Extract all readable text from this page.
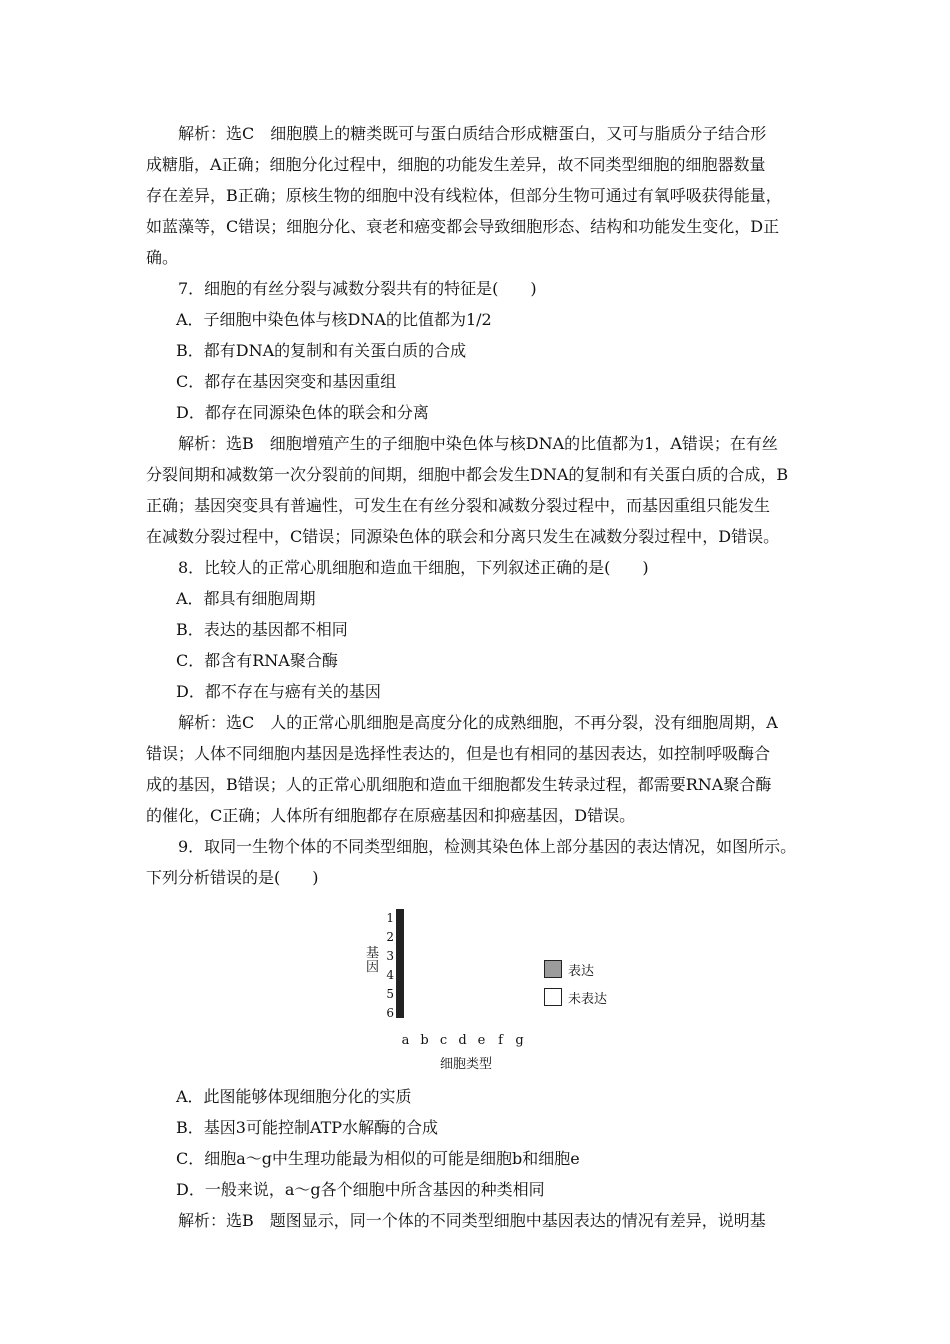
解析：选C　细胞膜上的糖类既可与蛋白质结合形成糖蛋白，又可与脂质分子结合形

成糖脂，A正确；细胞分化过程中，细胞的功能发生差异，故不同类型细胞的细胞器数量

存在差异，B正确；原核生物的细胞中没有线粒体，但部分生物可通过有氧呼吸获得能量，

如蓝藻等，C错误；细胞分化、衰老和癌变都会导致细胞形态、结构和功能发生变化，D正

确。

7．细胞的有丝分裂与减数分裂共有的特征是(　　)

A．子细胞中染色体与核DNA的比值都为1/2

B．都有DNA的复制和有关蛋白质的合成

C．都存在基因突变和基因重组

D．都存在同源染色体的联会和分离

解析：选B　细胞增殖产生的子细胞中染色体与核DNA的比值都为1，A错误；在有丝

分裂间期和减数第一次分裂前的间期，细胞中都会发生DNA的复制和有关蛋白质的合成，B

正确；基因突变具有普遍性，可发生在有丝分裂和减数分裂过程中，而基因重组只能发生

在减数分裂过程中，C错误；同源染色体的联会和分离只发生在减数分裂过程中，D错误。

8．比较人的正常心肌细胞和造血干细胞，下列叙述正确的是(　　)

A．都具有细胞周期

B．表达的基因都不相同

C．都含有RNA聚合酶

D．都不存在与癌有关的基因

解析：选C　人的正常心肌细胞是高度分化的成熟细胞，不再分裂，没有细胞周期，A

错误；人体不同细胞内基因是选择性表达的，但是也有相同的基因表达，如控制呼吸酶合

成的基因，B错误；人的正常心肌细胞和造血干细胞都发生转录过程，都需要RNA聚合酶

的催化，C正确；人体所有细胞都存在原癌基因和抑癌基因，D错误。

9．取同一生物个体的不同类型细胞，检测其染色体上部分基因的表达情况，如图所示。

下列分析错误的是(　　)

基因
1
2
3
4
5
6

a b c d e f g
细胞类型
表达
未表达

A．此图能够体现细胞分化的实质

B．基因3可能控制ATP水解酶的合成

C．细胞a～g中生理功能最为相似的可能是细胞b和细胞e

D．一般来说，a～g各个细胞中所含基因的种类相同

解析：选B　题图显示，同一个体的不同类型细胞中基因表达的情况有差异，说明基
